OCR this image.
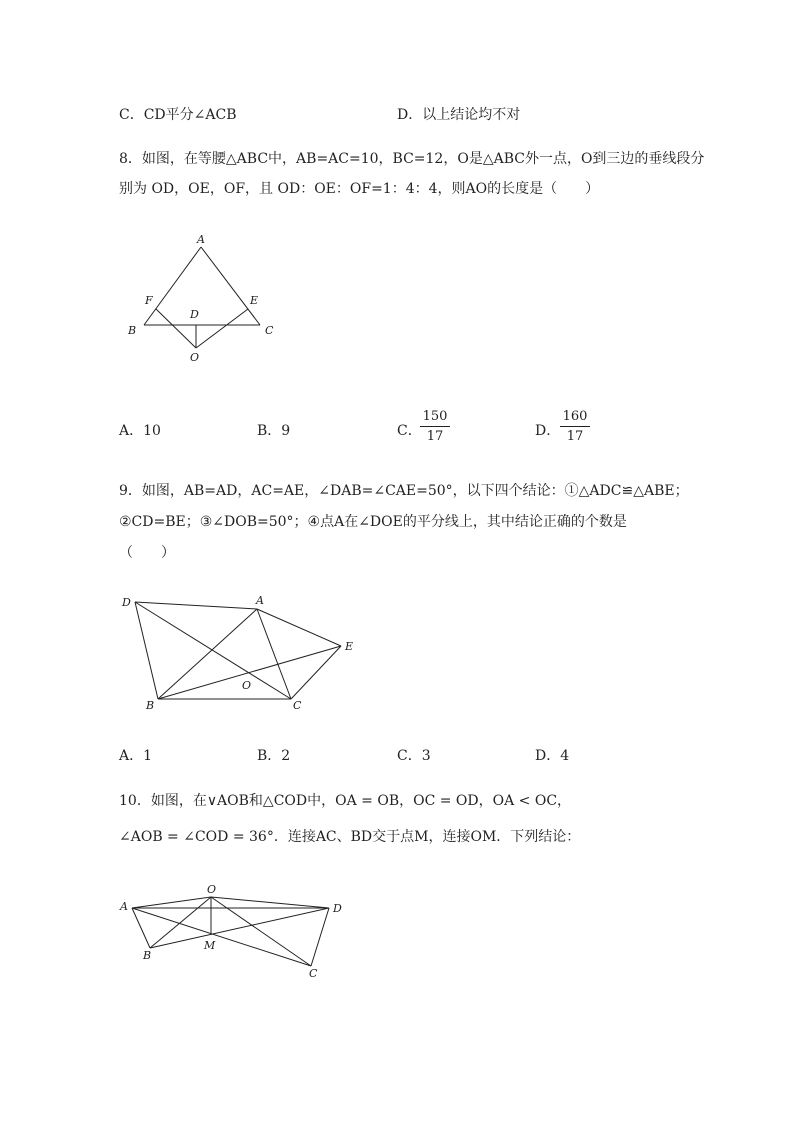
C．CD平分∠ACB	D．以上结论均不对
8．如图，在等腰△ABC中，AB=AC=10，BC=12，O是△ABC外一点，O到三边的垂线段分
别为 OD，OE，OF，且 OD：OE：OF=1：4：4，则AO的长度是（　　）
A
B	C
D
E
F
O
A．10	B．9	C．
$\frac{150}{17}$	D． $\frac{160}{17}$
9．如图，AB=AD，AC=AE，∠DAB=∠CAE=50°，以下四个结论：①△ADC≌△ABE；
②CD=BE；③∠DOB=50°；④点A在∠DOE的平分线上，其中结论正确的个数是
（　　）
D	A
E
O
B	C
A．1	B．2	C．3	D．4
10．如图，在∨AOB和△COD中，OA = OB，OC = OD，OA < OC，
∠AOB = ∠COD = 36°．连接AC、BD交于点M，连接OM．下列结论：
A
O
D
M
B
C
